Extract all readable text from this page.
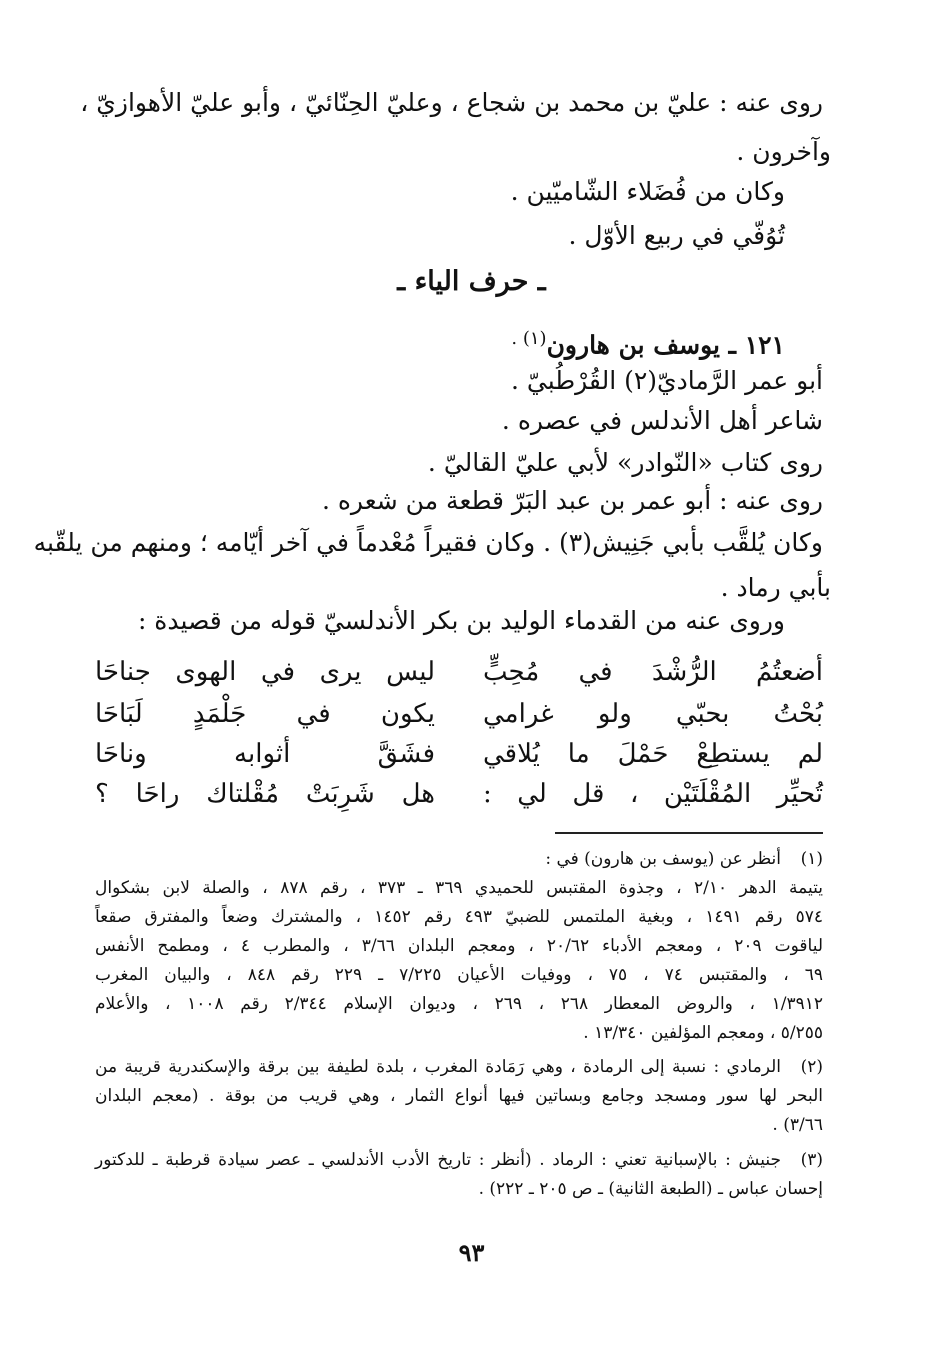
روى عنه : عليّ بن محمد بن شجاع ، وعليّ الحِنّائيّ ، وأبو عليّ الأهوازيّ ،
وآخرون .
وكان من فُضَلاء الشّاميّين .
تُوُفّي في ربيع الأوّل .
ـ حرف الياء ـ
١٢١ ـ يوسف بن هارون$^{(١) .}$
أبو عمر الرَّماديّ(٢) القُرْطُبيّ .
شاعر أهل الأندلس في عصره .
روى كتاب «النّوادر» لأبي عليّ القاليّ .
روى عنه : أبو عمر بن عبد البَرّ قطعة من شعره .
وكان يُلقَّب بأبي جَنِيش(٣) . وكان فقيراً مُعْدماً في آخر أيّامه ؛ ومنهم من يلقّبه
بأبي رماد .
وروى عنه من القدماء الوليد بن بكر الأندلسيّ قوله من قصيدة :
أضعتُمُ الرُّشْدَ في مُحِبٍّ
ليس يرى في الهوى جناحَا
بُحْتُ بحبّي ولو غرامي
يكون في جَلْمَدٍ لَبَاحَا
لم يستطِعْ حَمْلَ ما يُلاقي
فشَقَّ أثوابه وناحَا
تُحيِّر المُقْلَتَيْن ، قل لي :
هل شَرِبَتْ مُقْلتاك راحَا ؟
(١)
أنظر عن (يوسف بن هارون) في :
يتيمة الدهر ٢/١٠ ، وجذوة المقتبس للحميدي ٣٦٩ ـ ٣٧٣ ، رقم ٨٧٨ ، والصلة لابن بشكوال
٥٧٤ رقم ١٤٩١ ، وبغية الملتمس للضبيّ ٤٩٣ رقم ١٤٥٢ ، والمشترك وضعاً والمفترق صقعاً
لياقوت ٢٠٩ ، ومعجم الأدباء ٢٠/٦٢ ، ومعجم البلدان ٣/٦٦ ، والمطرب ٤ ، ومطمح الأنفس
٦٩ ، والمقتبس ٧٤ ، ٧٥ ، ووفيات الأعيان ٧/٢٢٥ ـ ٢٢٩ رقم ٨٤٨ ، والبيان المغرب
١/٣٩١٢ ، والروض المعطار ٢٦٨ ، ٢٦٩ ، وديوان الإسلام ٢/٣٤٤ رقم ١٠٠٨ ، والأعلام
٥/٢٥٥ ، ومعجم المؤلفين ١٣/٣٤٠ .
(٢)
الرمادي : نسبة إلى الرمادة ، وهي رَمَادة المغرب ، بلدة لطيفة بين برقة والإسكندرية قريبة من
البحر لها سور ومسجد وجامع وبساتين فيها أنواع الثمار ، وهي قريب من بوقة . (معجم البلدان
٣/٦٦) .
(٣)
جنيش : بالإسبانية تعني : الرماد . (أنظر : تاريخ الأدب الأندلسي ـ عصر سيادة قرطبة ـ للدكتور
إحسان عباس ـ (الطبعة الثانية) ـ ص ٢٠٥ ـ ٢٢٢) .
٩٣
